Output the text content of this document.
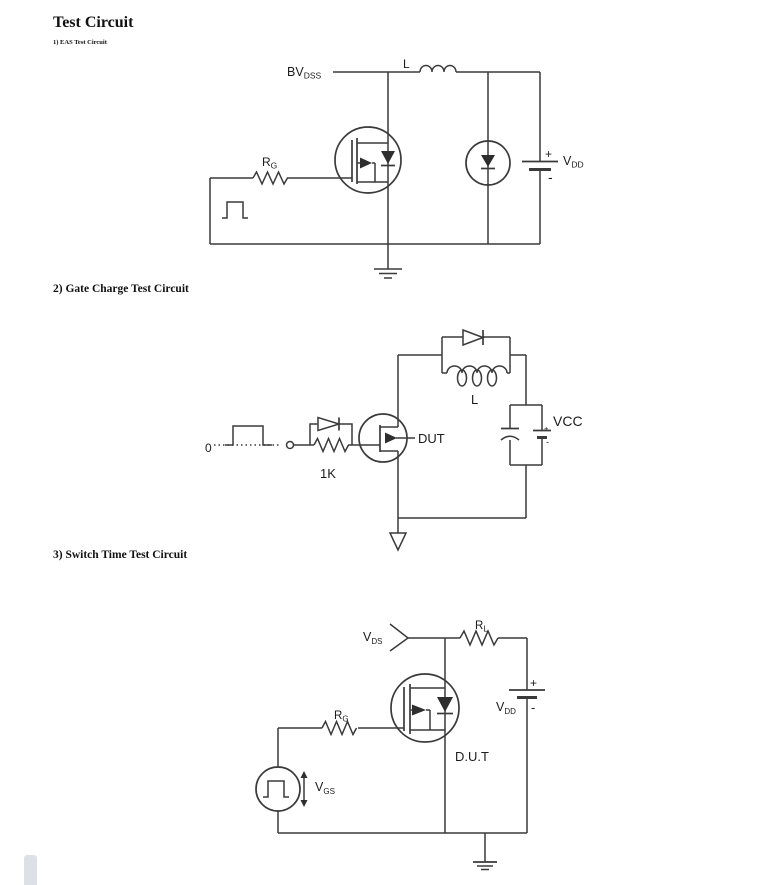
Test Circuit
1) EAS Test Circuit
2) Gate Charge Test Circuit
3) Switch Time Test Circuit
$BV_{DSS}$
L
$R_G$
+ $V_{DD}$
-
0
1K
DUT
L
VCC
+
-
$V_{DS}$
$R_L$
+
$V_{DD}$ -
D.U.T
$R_G$
$V_{GS}$
